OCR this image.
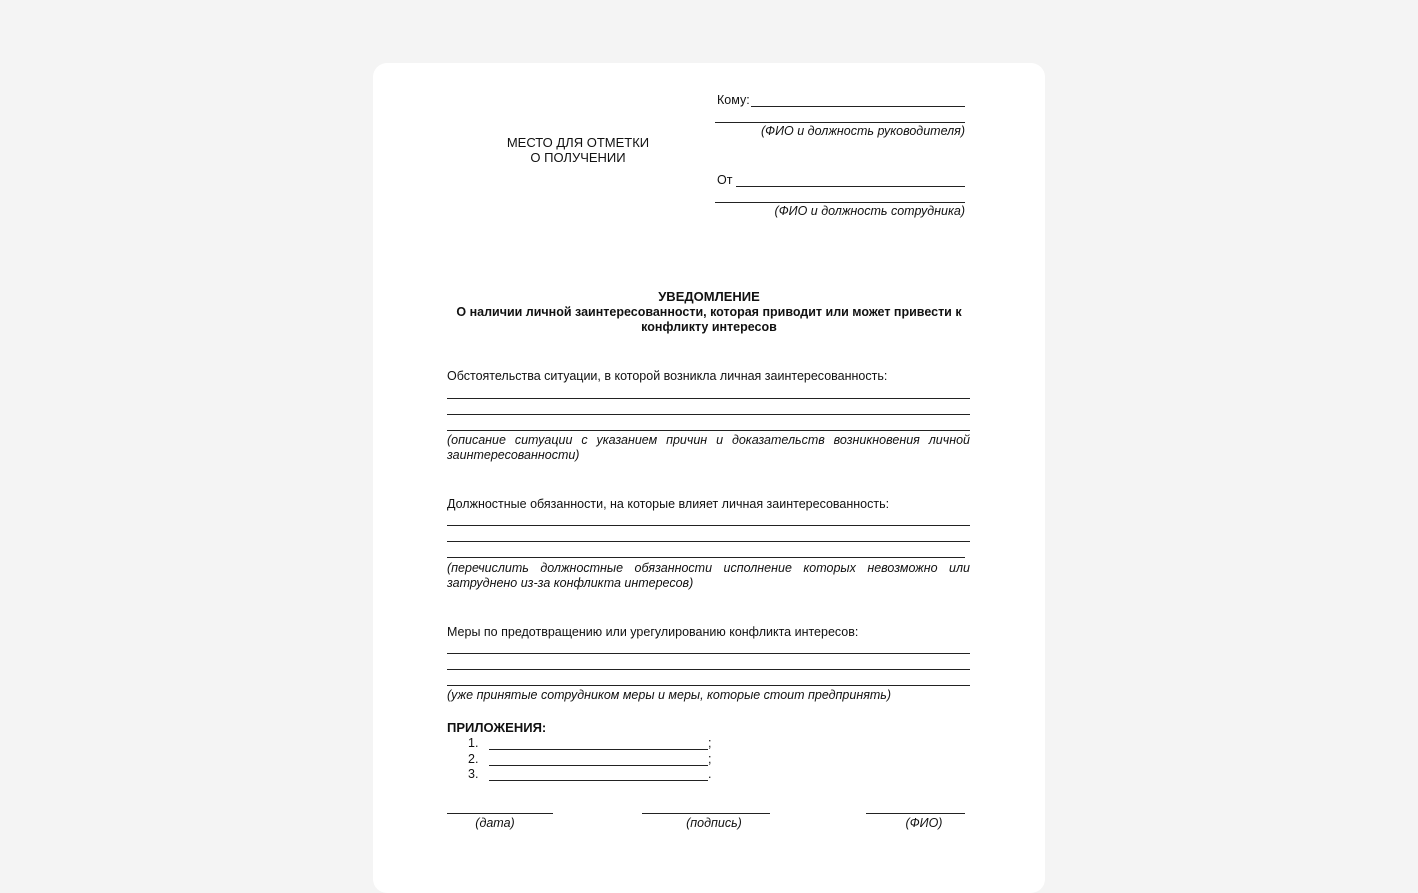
МЕСТО ДЛЯ ОТМЕТКИ
О ПОЛУЧЕНИИ
Кому:
(ФИО и должность руководителя)
От
(ФИО и должность сотрудника)
УВЕДОМЛЕНИЕ
О наличии личной заинтересованности, которая приводит или может привести к
конфликту интересов
Обстоятельства ситуации, в которой возникла личная заинтересованность:
(описание ситуации с указанием причин и доказательств возникновения личной заинтересованности)
Должностные обязанности, на которые влияет личная заинтересованность:
(перечислить должностные обязанности исполнение которых невозможно или затруднено из-за конфликта интересов)
Меры по предотвращению или урегулированию конфликта интересов:
(уже принятые сотрудником меры и меры, которые стоит предпринять)
ПРИЛОЖЕНИЯ:
1.	;
2.	;
3.	.
(дата)	(подпись)	(ФИО)
